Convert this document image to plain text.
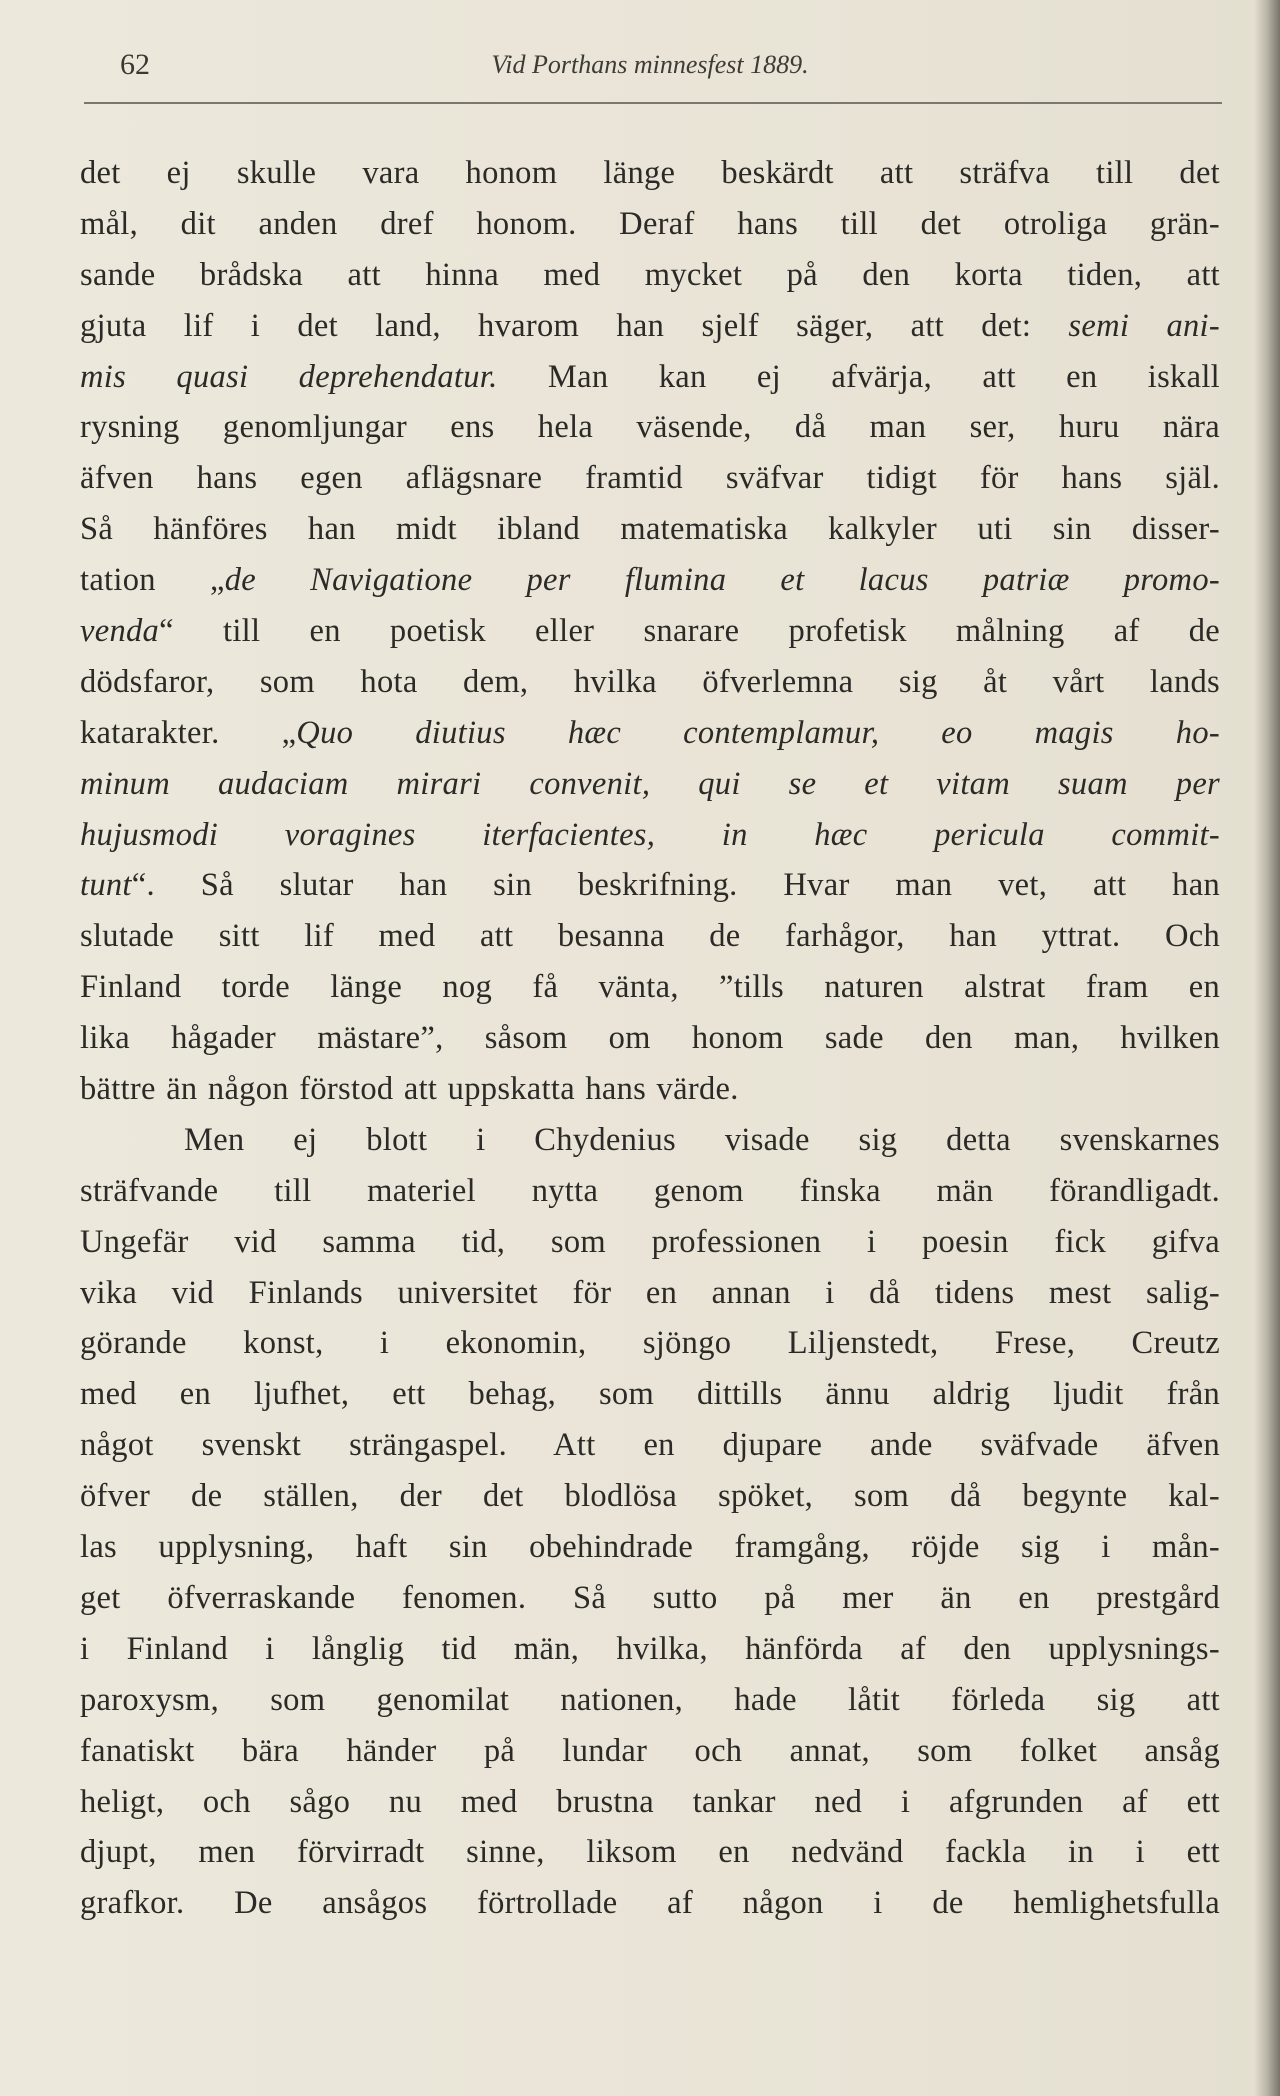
62	Vid Porthans minnesfest 1889.
det ej skulle vara honom länge beskärdt att sträfva till det
mål, dit anden dref honom. Deraf hans till det otroliga grän-
sande brådska att hinna med mycket på den korta tiden, att
gjuta lif i det land, hvarom han sjelf säger, att det: semi ani-
mis quasi deprehendatur. Man kan ej afvärja, att en iskall
rysning genomljungar ens hela väsende, då man ser, huru nära
äfven hans egen aflägsnare framtid sväfvar tidigt för hans själ.
Så hänföres han midt ibland matematiska kalkyler uti sin disser-
tation „de Navigatione per flumina et lacus patriæ promo-
venda“ till en poetisk eller snarare profetisk målning af de
dödsfaror, som hota dem, hvilka öfverlemna sig åt vårt lands
katarakter. „Quo diutius hæc contemplamur, eo magis ho-
minum audaciam mirari convenit, qui se et vitam suam per
hujusmodi voragines iterfacientes, in hæc pericula commit-
tunt“. Så slutar han sin beskrifning. Hvar man vet, att han
slutade sitt lif med att besanna de farhågor, han yttrat. Och
Finland torde länge nog få vänta, ”tills naturen alstrat fram en
lika hågader mästare”, såsom om honom sade den man, hvilken
bättre än någon förstod att uppskatta hans värde.
Men ej blott i Chydenius visade sig detta svenskarnes
sträfvande till materiel nytta genom finska män förandligadt.
Ungefär vid samma tid, som professionen i poesin fick gifva
vika vid Finlands universitet för en annan i då tidens mest salig-
görande konst, i ekonomin, sjöngo Liljenstedt, Frese, Creutz
med en ljufhet, ett behag, som dittills ännu aldrig ljudit från
något svenskt strängaspel. Att en djupare ande sväfvade äfven
öfver de ställen, der det blodlösa spöket, som då begynte kal-
las upplysning, haft sin obehindrade framgång, röjde sig i mån-
get öfverraskande fenomen. Så sutto på mer än en prestgård
i Finland i långlig tid män, hvilka, hänförda af den upplysnings-
paroxysm, som genomilat nationen, hade låtit förleda sig att
fanatiskt bära händer på lundar och annat, som folket ansåg
heligt, och sågo nu med brustna tankar ned i afgrunden af ett
djupt, men förvirradt sinne, liksom en nedvänd fackla in i ett
grafkor. De ansågos förtrollade af någon i de hemlighetsfulla
